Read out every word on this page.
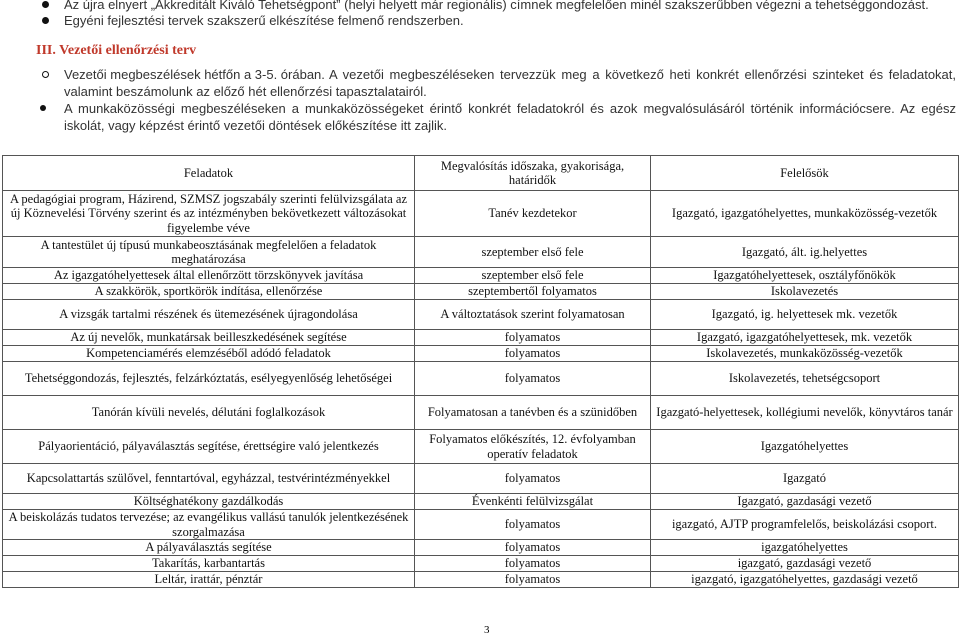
Az újra elnyert „Akkreditált Kiváló Tehetségpont” (helyi helyett már regionális) címnek megfelelően minél szakszerűbben végezni a tehetséggondozást.
Egyéni fejlesztési tervek szakszerű elkészítése felmenő rendszerben.
III. Vezetői ellenőrzési terv
Vezetői megbeszélések hétfőn a 3-5. órában. A vezetői megbeszéléseken tervezzük meg a következő heti konkrét ellenőrzési szinteket és feladatokat, valamint beszámolunk az előző hét ellenőrzési tapasztalatairól.
A munkaközösségi megbeszéléseken a munkaközösségeket érintő konkrét feladatokról és azok megvalósulásáról történik információcsere. Az egész iskolát, vagy képzést érintő vezetői döntések előkészítése itt zajlik.
Feladatok	Megvalósítás időszaka, gyakorisága, határidők	Felelősök
A pedagógiai program, Házirend, SZMSZ jogszabály szerinti felülvizsgálata az új Köznevelési Törvény szerint és az intézményben bekövetkezett változásokat figyelembe véve	Tanév kezdetekor	Igazgató, igazgatóhelyettes, munkaközösség-vezetők
A tantestület új típusú munkabeosztásának megfelelően a feladatok meghatározása	szeptember első fele	Igazgató, ált. ig.helyettes
Az igazgatóhelyettesek által ellenőrzött törzskönyvek javítása	szeptember első fele	Igazgatóhelyettesek, osztályfőnökök
A szakkörök, sportkörök indítása, ellenőrzése	szeptembertől folyamatos	Iskolavezetés
A vizsgák tartalmi részének és ütemezésének újragondolása	A változtatások szerint folyamatosan	Igazgató, ig. helyettesek mk. vezetők
Az új nevelők, munkatársak beilleszkedésének segítése	folyamatos	Igazgató, igazgatóhelyettesek, mk. vezetők
Kompetenciamérés elemzéséből adódó feladatok	folyamatos	Iskolavezetés, munkaközösség-vezetők
Tehetséggondozás, fejlesztés, felzárkóztatás, esélyegyenlőség lehetőségei	folyamatos	Iskolavezetés, tehetségcsoport
Tanórán kívüli nevelés, délutáni foglalkozások	Folyamatosan a tanévben és a szünidőben	Igazgató-helyettesek, kollégiumi nevelők, könyvtáros tanár
Pályaorientáció, pályaválasztás segítése, érettségire való jelentkezés	Folyamatos előkészítés, 12. évfolyamban operatív feladatok	Igazgatóhelyettes
Kapcsolattartás szülővel, fenntartóval, egyházzal, testvérintézményekkel	folyamatos	Igazgató
Költséghatékony gazdálkodás	Évenkénti felülvizsgálat	Igazgató, gazdasági vezető
A beiskolázás tudatos tervezése; az evangélikus vallású tanulók jelentkezésének szorgalmazása	folyamatos	igazgató, AJTP programfelelős, beiskolázási csoport.
A pályaválasztás segítése	folyamatos	igazgatóhelyettes
Takarítás, karbantartás	folyamatos	igazgató, gazdasági vezető
Leltár, irattár, pénztár	folyamatos	igazgató, igazgatóhelyettes, gazdasági vezető
3
